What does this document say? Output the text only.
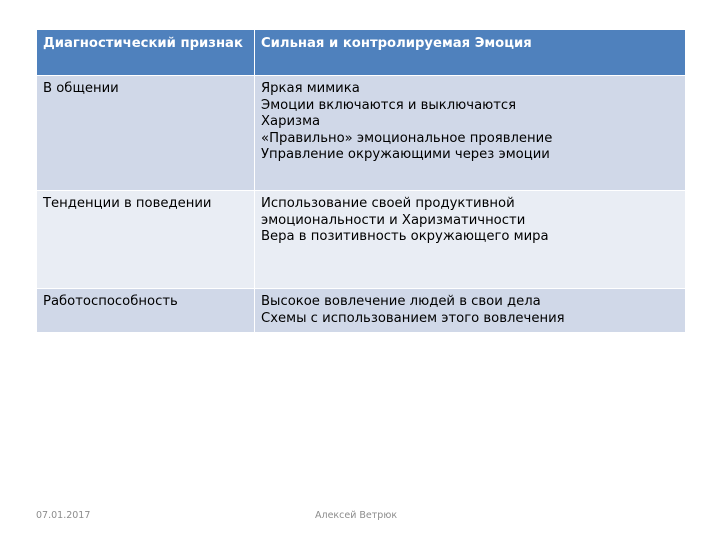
Диагностический признак	Сильная и контролируемая Эмоция
В общении	Яркая мимика
Эмоции включаются и выключаются
Харизма
«Правильно» эмоциональное проявление
Управление окружающими через эмоции

Тенденции в поведении	Использование своей продуктивной
эмоциональности и Харизматичности
Вера в позитивность окружающего мира

Работоспособность	Высокое вовлечение людей в свои дела
Схемы с использованием этого вовлечения
07.01.2017	Алексей Ветрюк
